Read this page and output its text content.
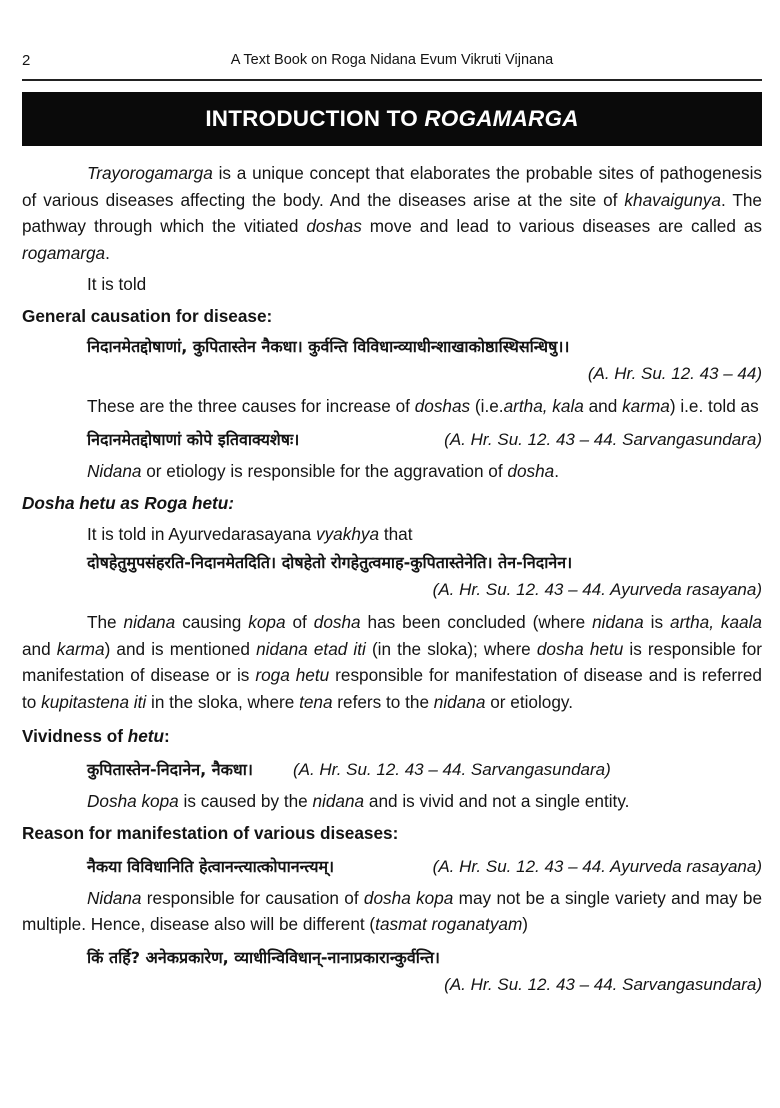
2	A Text Book on Roga Nidana Evum Vikruti Vijnana
INTRODUCTION TO ROGAMARGA

Trayorogamarga is a unique concept that elaborates the probable sites of pathogenesis of various diseases affecting the body. And the diseases arise at the site of khavaigunya. The pathway through which the vitiated doshas move and lead to various diseases are called as rogamarga.

It is told

General causation for disease:

निदानमेतद्दोषाणां, कुपितास्तेन नैकधा। कुर्वन्ति विविधान्व्याधीन्शाखाकोष्ठास्थिसन्धिषु।।

(A. Hr. Su. 12. 43 – 44)

These are the three causes for increase of doshas (i.e.artha, kala and karma) i.e. told as

निदानमेतद्दोषाणां कोपे इतिवाक्यशेषः।	(A. Hr. Su. 12. 43 – 44. Sarvangasundara)

Nidana or etiology is responsible for the aggravation of dosha.

Dosha hetu as Roga hetu:

It is told in Ayurvedarasayana vyakhya that

दोषहेतुमुपसंहरति-निदानमेतदिति। दोषहेतो रोगहेतुत्वमाह-कुपितास्तेनेति। तेन-निदानेन।

(A. Hr. Su. 12. 43 – 44. Ayurveda rasayana)

The nidana causing kopa of dosha has been concluded (where nidana is artha, kaala and karma) and is mentioned nidana etad iti (in the sloka); where dosha hetu is responsible for manifestation of disease or is roga hetu responsible for manifestation of disease and is referred to kupitastena iti in the sloka, where tena refers to the nidana or etiology.

Vividness of hetu:

कुपितास्तेन-निदानेन, नैकधा। (A. Hr. Su. 12. 43 – 44. Sarvangasundara)

Dosha kopa is caused by the nidana and is vivid and not a single entity.

Reason for manifestation of various diseases:

नैकया विविधानिति हेत्वानन्त्यात्कोपानन्त्यम्।	(A. Hr. Su. 12. 43 – 44. Ayurveda rasayana)

Nidana responsible for causation of dosha kopa may not be a single variety and may be multiple. Hence, disease also will be different (tasmat roganatyam)

किं तर्हि? अनेकप्रकारेण, व्याधीन्विविधान्-नानाप्रकारान्कुर्वन्ति।

(A. Hr. Su. 12. 43 – 44. Sarvangasundara)
